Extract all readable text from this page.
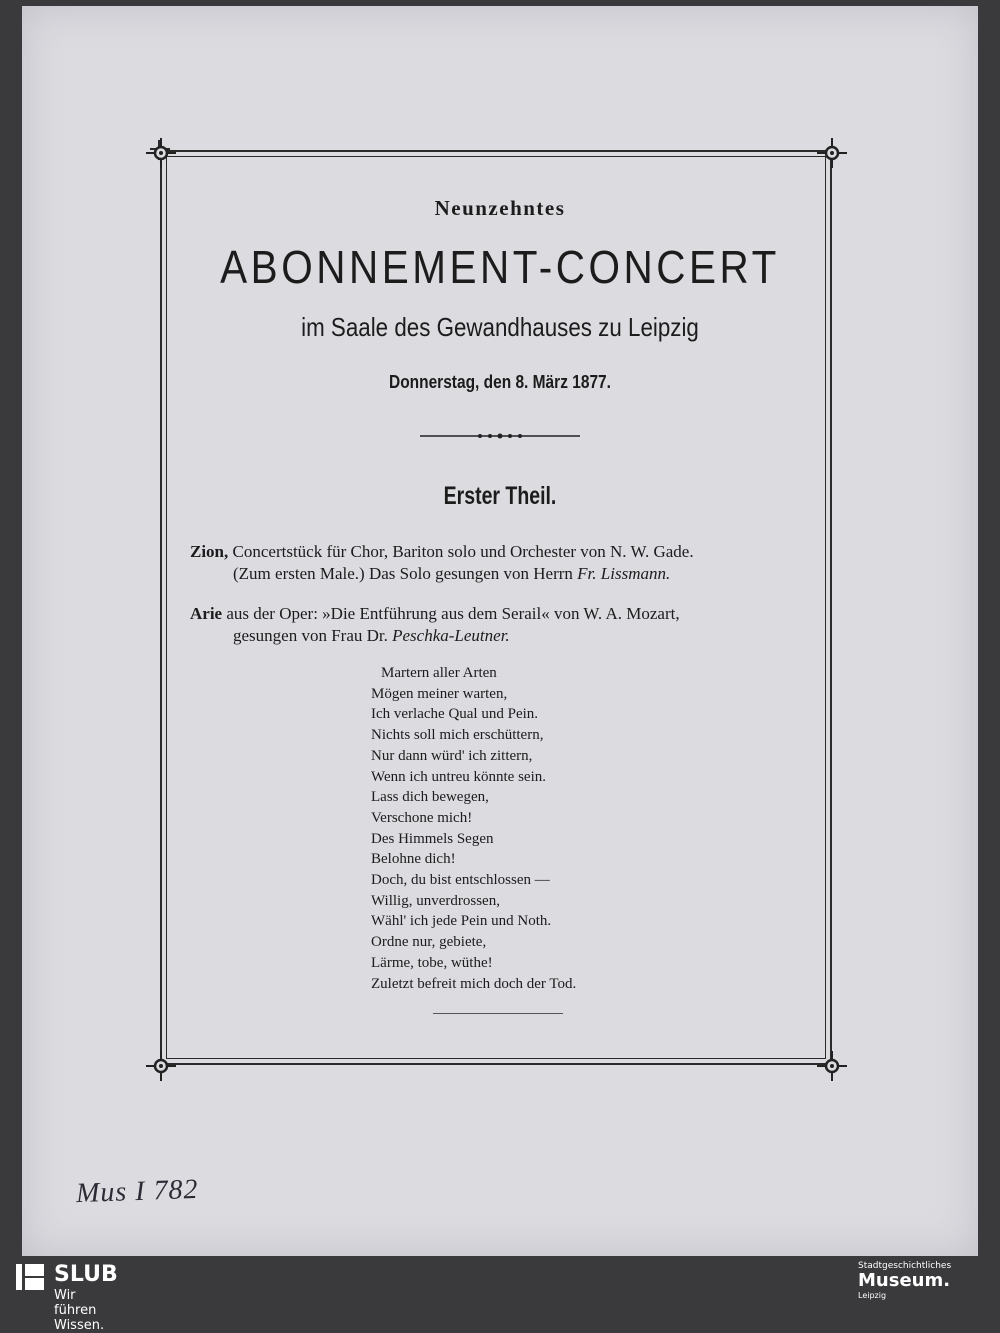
Neunzehntes
ABONNEMENT-CONCERT
im Saale des Gewandhauses zu Leipzig
Donnerstag, den 8. März 1877.
Erster Theil.
Zion, Concertstück für Chor, Bariton solo und Orchester von N. W. Gade.
(Zum ersten Male.) Das Solo gesungen von Herrn Fr. Lissmann.
Arie aus der Oper: »Die Entführung aus dem Serail« von W. A. Mozart,
gesungen von Frau Dr. Peschka-Leutner.
Martern aller Arten
Mögen meiner warten,
Ich verlache Qual und Pein.
Nichts soll mich erschüttern,
Nur dann würd' ich zittern,
Wenn ich untreu könnte sein.
Lass dich bewegen,
Verschone mich!
Des Himmels Segen
Belohne dich!
Doch, du bist entschlossen —
Willig, unverdrossen,
Wähl' ich jede Pein und Noth.
Ordne nur, gebiete,
Lärme, tobe, wüthe!
Zuletzt befreit mich doch der Tod.
Mus I 782
SLUB
Wir führen Wissen.
Stadtgeschichtliches
Museum.
Leipzig
